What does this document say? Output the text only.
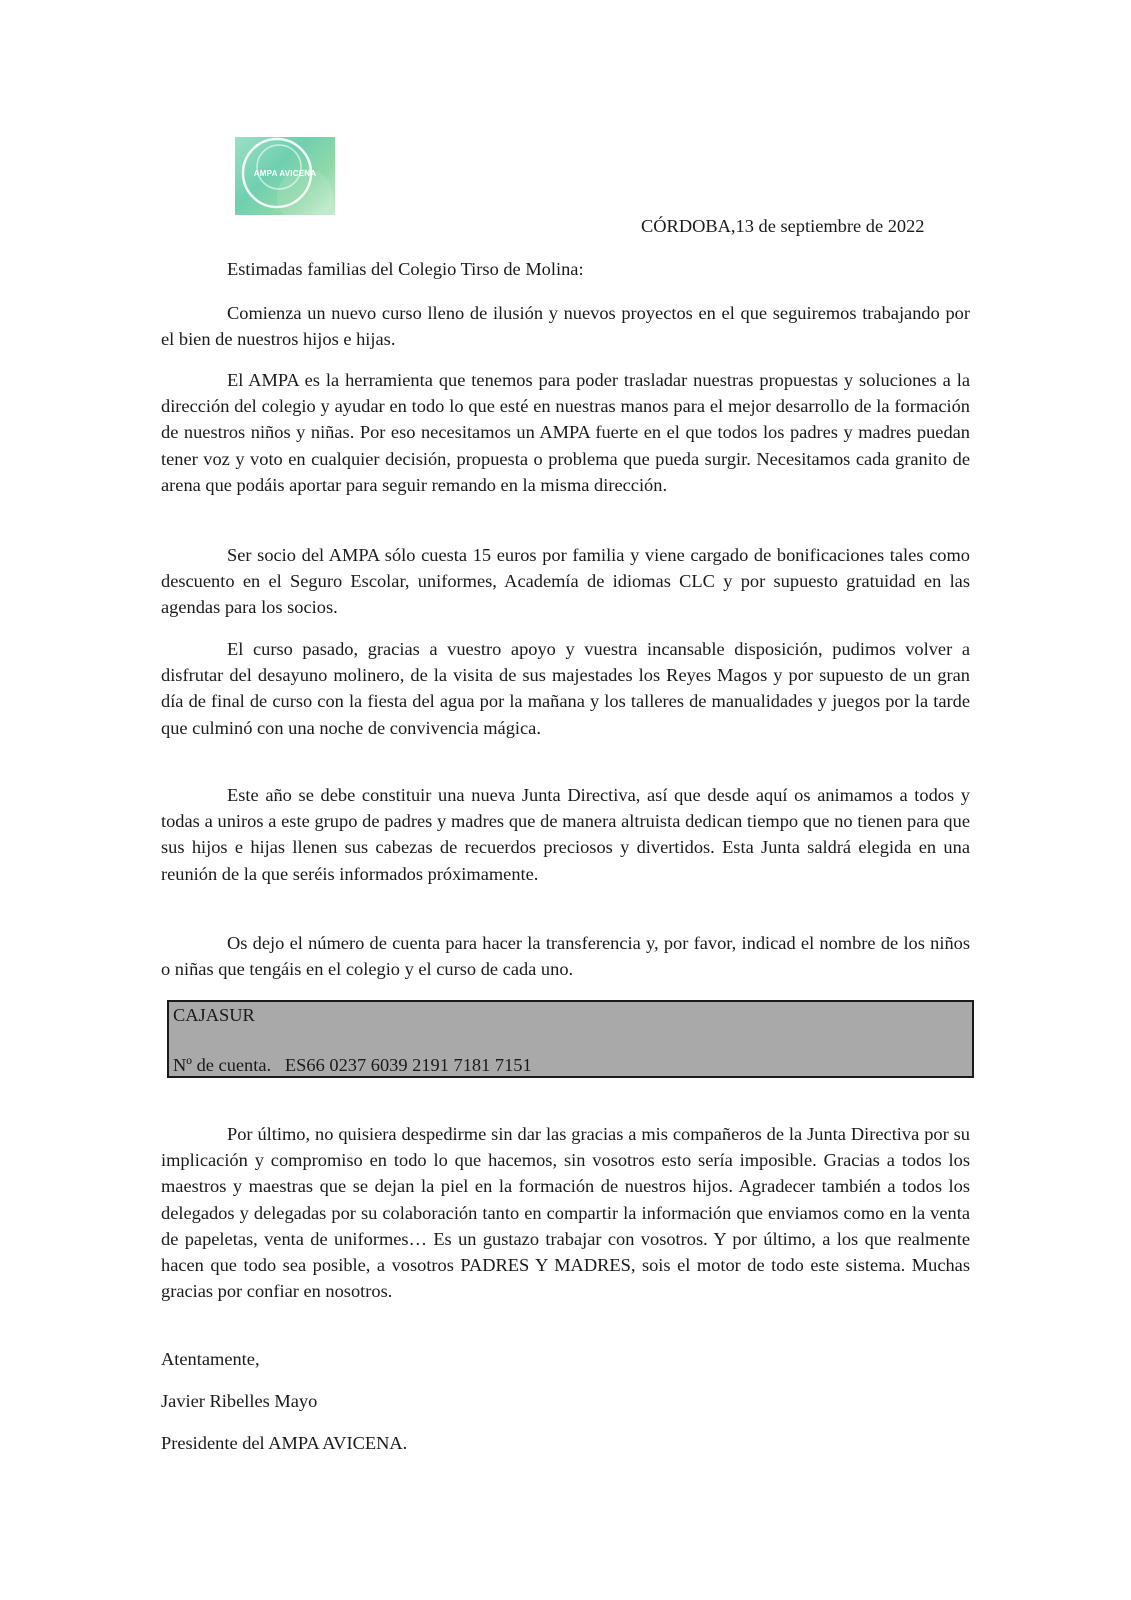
AMPA AVICENA
CÓRDOBA,13 de septiembre de 2022
Estimadas familias del Colegio Tirso de Molina:

Comienza un nuevo curso lleno de ilusión y nuevos proyectos en el que seguiremos trabajando por el bien de nuestros hijos e hijas.

El AMPA es la herramienta que tenemos para poder trasladar nuestras propuestas y soluciones a la dirección del colegio y ayudar en todo lo que esté en nuestras manos para el mejor desarrollo de la formación de nuestros niños y niñas. Por eso necesitamos un AMPA fuerte en el que todos los padres y madres puedan tener voz y voto en cualquier decisión, propuesta o problema que pueda surgir. Necesitamos cada granito de arena que podáis aportar para seguir remando en la misma dirección.

Ser socio del AMPA sólo cuesta 15 euros por familia y viene cargado de bonificaciones tales como descuento en el Seguro Escolar, uniformes, Academía de idiomas CLC y por supuesto gratuidad en las agendas para los socios.

El curso pasado, gracias a vuestro apoyo y vuestra incansable disposición, pudimos volver a disfrutar del desayuno molinero, de la visita de sus majestades los Reyes Magos y por supuesto de un gran día de final de curso con la fiesta del agua por la mañana y los talleres de manualidades y juegos por la tarde que culminó con una noche de convivencia mágica.

Este año se debe constituir una nueva Junta Directiva, así que desde aquí os animamos a todos y todas a uniros a este grupo de padres y madres que de manera altruista dedican tiempo que no tienen para que sus hijos e hijas llenen sus cabezas de recuerdos preciosos y divertidos. Esta Junta saldrá elegida en una reunión de la que seréis informados próximamente.

Os dejo el número de cuenta para hacer la transferencia y, por favor, indicad el nombre de los niños o niñas que tengáis en el colegio y el curso de cada uno.

CAJASUR
Nº de cuenta. ES66 0237 6039 2191 7181 7151

Por último, no quisiera despedirme sin dar las gracias a mis compañeros de la Junta Directiva por su implicación y compromiso en todo lo que hacemos, sin vosotros esto sería imposible. Gracias a todos los maestros y maestras que se dejan la piel en la formación de nuestros hijos. Agradecer también a todos los delegados y delegadas por su colaboración tanto en compartir la información que enviamos como en la venta de papeletas, venta de uniformes… Es un gustazo trabajar con vosotros. Y por último, a los que realmente hacen que todo sea posible, a vosotros PADRES Y MADRES, sois el motor de todo este sistema. Muchas gracias por confiar en nosotros.

Atentamente,
Javier Ribelles Mayo
Presidente del AMPA AVICENA.
